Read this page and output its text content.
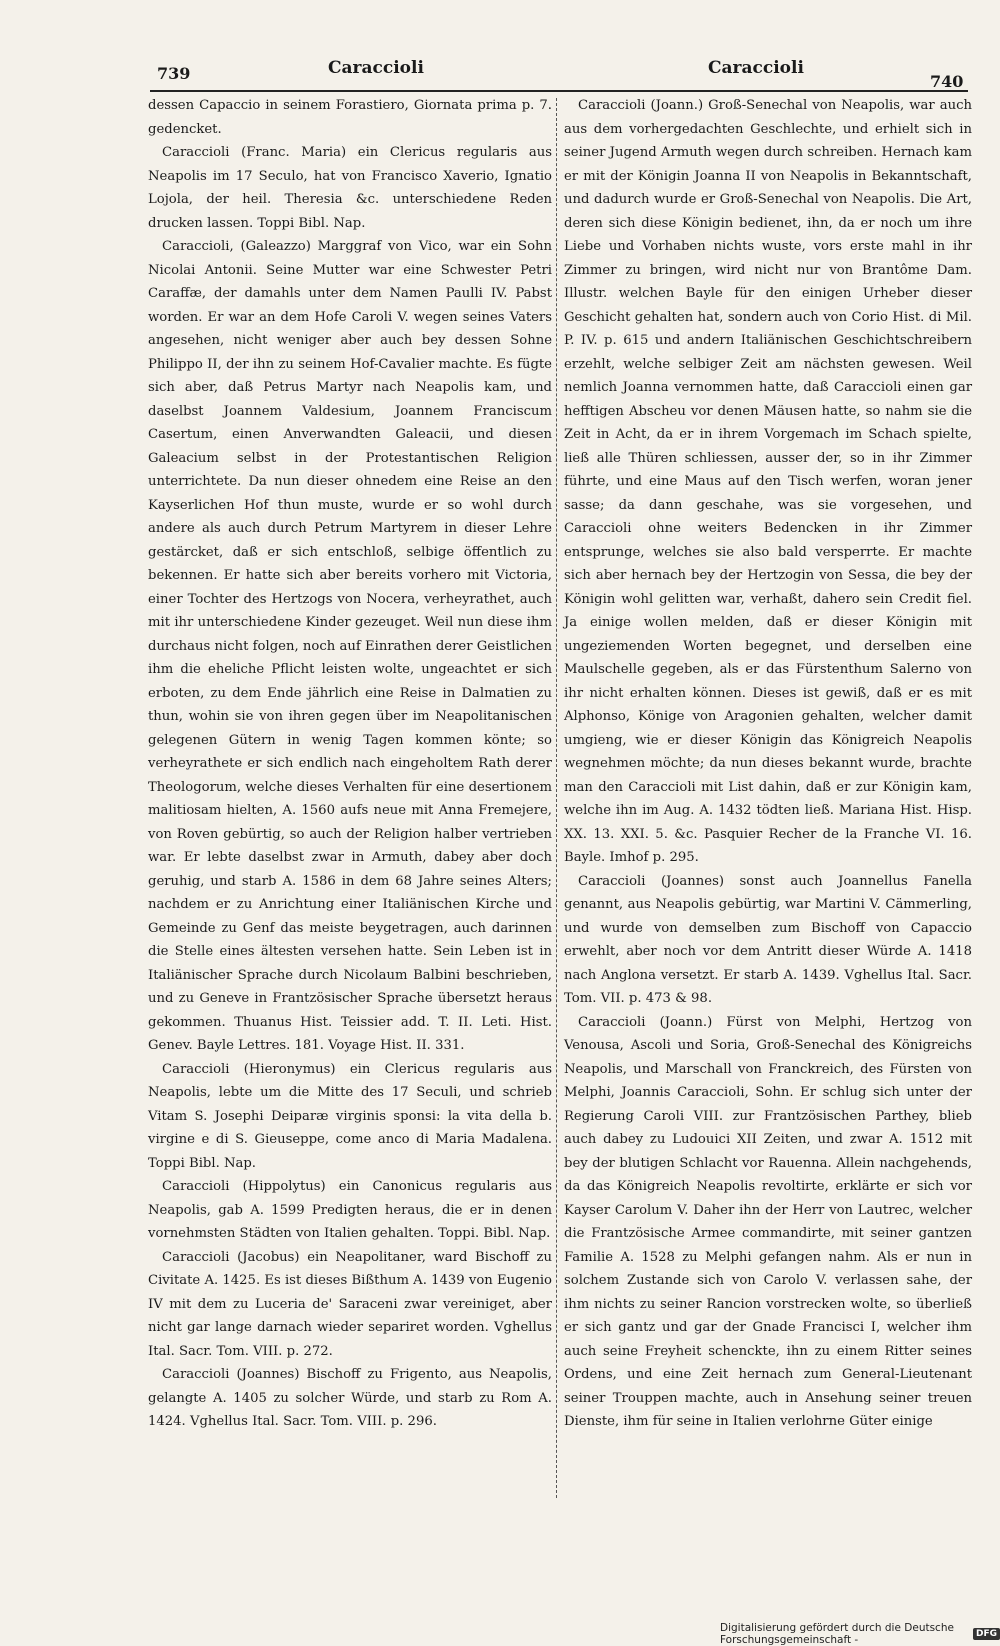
739	Caraccioli	Caraccioli
740

dessen Capaccio in seinem Forastiero, Giornata prima p. 7. gedencket.

Caraccioli (Franc. Maria) ein Clericus regularis aus Neapolis im 17 Seculo, hat von Francisco Xaverio, Ignatio Lojola, der heil. Theresia &c. unterschiedene Reden drucken lassen. Toppi Bibl. Nap.

Caraccioli, (Galeazzo) Marggraf von Vico, war ein Sohn Nicolai Antonii. Seine Mutter war eine Schwester Petri Caraffæ, der damahls unter dem Namen Paulli IV. Pabst worden. Er war an dem Hofe Caroli V. wegen seines Vaters angesehen, nicht weniger aber auch bey dessen Sohne Philippo II, der ihn zu seinem Hof-Cavalier machte. Es fügte sich aber, daß Petrus Martyr nach Neapolis kam, und daselbst Joannem Valdesium, Joannem Franciscum Casertum, einen Anverwandten Galeacii, und diesen Galeacium selbst in der Protestantischen Religion unterrichtete. Da nun dieser ohnedem eine Reise an den Kayserlichen Hof thun muste, wurde er so wohl durch andere als auch durch Petrum Martyrem in dieser Lehre gestärcket, daß er sich entschloß, selbige öffentlich zu bekennen. Er hatte sich aber bereits vorhero mit Victoria, einer Tochter des Hertzogs von Nocera, verheyrathet, auch mit ihr unterschiedene Kinder gezeuget. Weil nun diese ihm durchaus nicht folgen, noch auf Einrathen derer Geistlichen ihm die eheliche Pflicht leisten wolte, ungeachtet er sich erboten, zu dem Ende jährlich eine Reise in Dalmatien zu thun, wohin sie von ihren gegen über im Neapolitanischen gelegenen Gütern in wenig Tagen kommen könte; so verheyrathete er sich endlich nach eingeholtem Rath derer Theologorum, welche dieses Verhalten für eine desertionem malitiosam hielten, A. 1560 aufs neue mit Anna Fremejere, von Roven gebürtig, so auch der Religion halber vertrieben war. Er lebte daselbst zwar in Armuth, dabey aber doch geruhig, und starb A. 1586 in dem 68 Jahre seines Alters; nachdem er zu Anrichtung einer Italiänischen Kirche und Gemeinde zu Genf das meiste beygetragen, auch darinnen die Stelle eines ältesten versehen hatte. Sein Leben ist in Italiänischer Sprache durch Nicolaum Balbini beschrieben, und zu Geneve in Frantzösischer Sprache übersetzt heraus gekommen. Thuanus Hist. Teissier add. T. II. Leti. Hist. Genev. Bayle Lettres. 181. Voyage Hist. II. 331.

Caraccioli (Hieronymus) ein Clericus regularis aus Neapolis, lebte um die Mitte des 17 Seculi, und schrieb Vitam S. Josephi Deiparæ virginis sponsi: la vita della b. virgine e di S. Gieuseppe, come anco di Maria Madalena. Toppi Bibl. Nap.

Caraccioli (Hippolytus) ein Canonicus regularis aus Neapolis, gab A. 1599 Predigten heraus, die er in denen vornehmsten Städten von Italien gehalten. Toppi. Bibl. Nap.

Caraccioli (Jacobus) ein Neapolitaner, ward Bischoff zu Civitate A. 1425. Es ist dieses Bißthum A. 1439 von Eugenio IV mit dem zu Luceria de' Saraceni zwar vereiniget, aber nicht gar lange darnach wieder separiret worden. Vghellus Ital. Sacr. Tom. VIII. p. 272.

Caraccioli (Joannes) Bischoff zu Frigento, aus Neapolis, gelangte A. 1405 zu solcher Würde, und starb zu Rom A. 1424. Vghellus Ital. Sacr. Tom. VIII. p. 296.

Caraccioli (Joann.) Groß-Senechal von Neapolis, war auch aus dem vorhergedachten Geschlechte, und erhielt sich in seiner Jugend Armuth wegen durch schreiben. Hernach kam er mit der Königin Joanna II von Neapolis in Bekanntschaft, und dadurch wurde er Groß-Senechal von Neapolis. Die Art, deren sich diese Königin bedienet, ihn, da er noch um ihre Liebe und Vorhaben nichts wuste, vors erste mahl in ihr Zimmer zu bringen, wird nicht nur von Brantôme Dam. Illustr. welchen Bayle für den einigen Urheber dieser Geschicht gehalten hat, sondern auch von Corio Hist. di Mil. P. IV. p. 615 und andern Italiänischen Geschichtschreibern erzehlt, welche selbiger Zeit am nächsten gewesen. Weil nemlich Joanna vernommen hatte, daß Caraccioli einen gar hefftigen Abscheu vor denen Mäusen hatte, so nahm sie die Zeit in Acht, da er in ihrem Vorgemach im Schach spielte, ließ alle Thüren schliessen, ausser der, so in ihr Zimmer führte, und eine Maus auf den Tisch werfen, woran jener sasse; da dann geschahe, was sie vorgesehen, und Caraccioli ohne weiters Bedencken in ihr Zimmer entsprunge, welches sie also bald versperrte. Er machte sich aber hernach bey der Hertzogin von Sessa, die bey der Königin wohl gelitten war, verhaßt, dahero sein Credit fiel. Ja einige wollen melden, daß er dieser Königin mit ungeziemenden Worten begegnet, und derselben eine Maulschelle gegeben, als er das Fürstenthum Salerno von ihr nicht erhalten können. Dieses ist gewiß, daß er es mit Alphonso, Könige von Aragonien gehalten, welcher damit umgieng, wie er dieser Königin das Königreich Neapolis wegnehmen möchte; da nun dieses bekannt wurde, brachte man den Caraccioli mit List dahin, daß er zur Königin kam, welche ihn im Aug. A. 1432 tödten ließ. Mariana Hist. Hisp. XX. 13. XXI. 5. &c. Pasquier Recher de la Franche VI. 16. Bayle. Imhof p. 295.

Caraccioli (Joannes) sonst auch Joannellus Fanella genannt, aus Neapolis gebürtig, war Martini V. Cämmerling, und wurde von demselben zum Bischoff von Capaccio erwehlt, aber noch vor dem Antritt dieser Würde A. 1418 nach Anglona versetzt. Er starb A. 1439. Vghellus Ital. Sacr. Tom. VII. p. 473 & 98.

Caraccioli (Joann.) Fürst von Melphi, Hertzog von Venousa, Ascoli und Soria, Groß-Senechal des Königreichs Neapolis, und Marschall von Franckreich, des Fürsten von Melphi, Joannis Caraccioli, Sohn. Er schlug sich unter der Regierung Caroli VIII. zur Frantzösischen Parthey, blieb auch dabey zu Ludouici XII Zeiten, und zwar A. 1512 mit bey der blutigen Schlacht vor Rauenna. Allein nachgehends, da das Königreich Neapolis revoltirte, erklärte er sich vor Kayser Carolum V. Daher ihn der Herr von Lautrec, welcher die Frantzösische Armee commandirte, mit seiner gantzen Familie A. 1528 zu Melphi gefangen nahm. Als er nun in solchem Zustande sich von Carolo V. verlassen sahe, der ihm nichts zu seiner Rancion vorstrecken wolte, so überließ er sich gantz und gar der Gnade Francisci I, welcher ihm auch seine Freyheit schenckte, ihn zu einem Ritter seines Ordens, und eine Zeit hernach zum General-Lieutenant seiner Trouppen machte, auch in Ansehung seiner treuen Dienste, ihm für seine in Italien verlohrne Güter einige

Digitalisierung gefördert durch die Deutsche Forschungsgemeinschaft -	DFG
